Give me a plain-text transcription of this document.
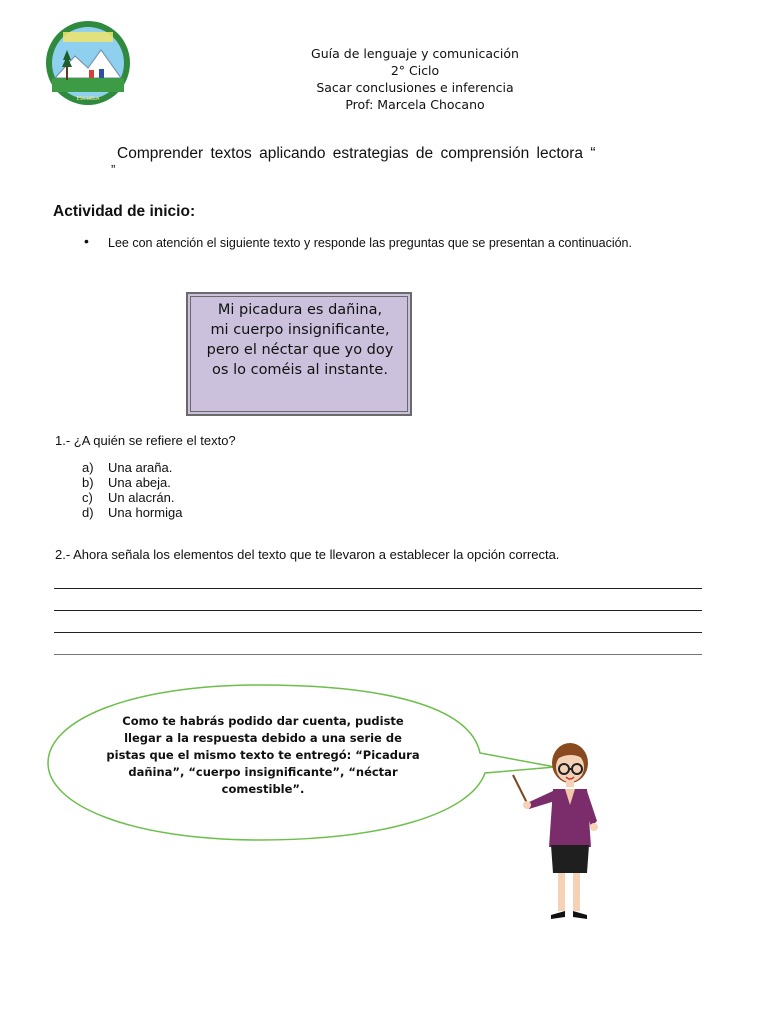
ESCUELA
Guía de lenguaje y comunicación
2° Ciclo
Sacar conclusiones e inferencia
Prof: Marcela Chocano
Comprender textos aplicando estrategias de comprensión lectora “
”
Actividad de inicio:
• Lee con atención el siguiente texto y responde las preguntas que se presentan a continuación.
Mi picadura es dañina,
mi cuerpo insignificante,
pero el néctar que yo doy
os lo coméis al instante.
1.- ¿A quién se refiere el texto?
a) Una araña.
b) Una abeja.
c) Un alacrán.
d) Una hormiga
2.- Ahora señala los elementos del texto que te llevaron a establecer la opción correcta.
Como te habrás podido dar cuenta, pudiste llegar a la respuesta debido a una serie de pistas que el mismo texto te entregó: “Picadura dañina”, “cuerpo insignificante”, “néctar comestible”.
